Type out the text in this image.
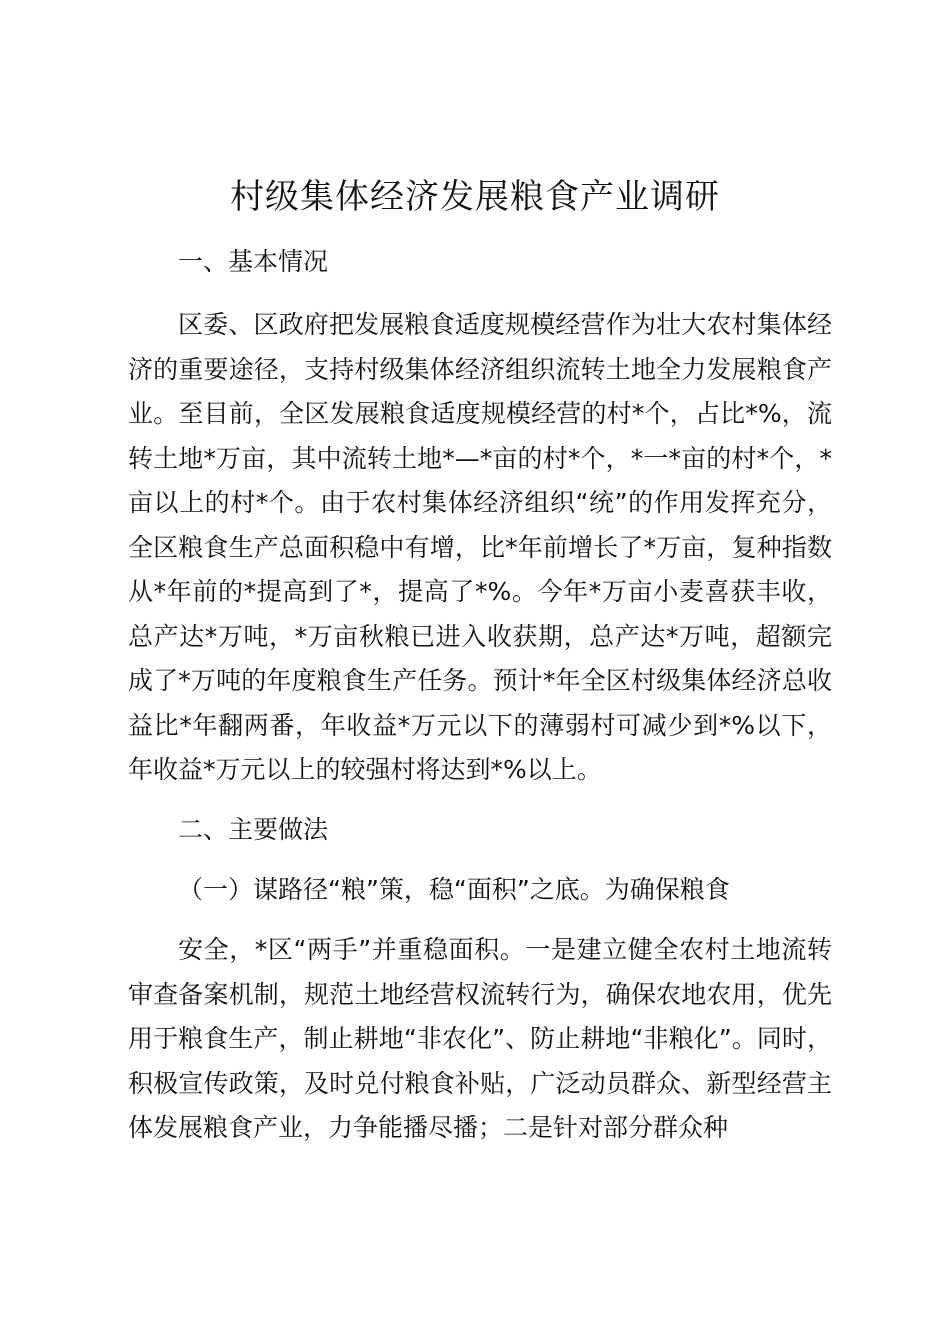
村级集体经济发展粮食产业调研
一、基本情况
区委、区政府把发展粮食适度规模经营作为壮大农村集体经济的重要途径，支持村级集体经济组织流转土地全力发展粮食产业。至目前，全区发展粮食适度规模经营的村*个，占比*%，流转土地*万亩，其中流转土地*—*亩的村*个，*一*亩的村*个，*亩以上的村*个。由于农村集体经济组织“统”的作用发挥充分，全区粮食生产总面积稳中有增，比*年前增长了*万亩，复种指数从*年前的*提高到了*，提高了*%。今年*万亩小麦喜获丰收，总产达*万吨，*万亩秋粮已进入收获期，总产达*万吨，超额完成了*万吨的年度粮食生产任务。预计*年全区村级集体经济总收益比*年翻两番，年收益*万元以下的薄弱村可减少到*%以下，年收益*万元以上的较强村将达到*%以上。
二、主要做法
（一）谋路径“粮”策，稳“面积”之底。为确保粮食
安全，*区“两手”并重稳面积。一是建立健全农村土地流转审查备案机制，规范土地经营权流转行为，确保农地农用，优先用于粮食生产，制止耕地“非农化”、防止耕地“非粮化”。同时，积极宣传政策，及时兑付粮食补贴，广泛动员群众、新型经营主体发展粮食产业，力争能播尽播；二是针对部分群众种
